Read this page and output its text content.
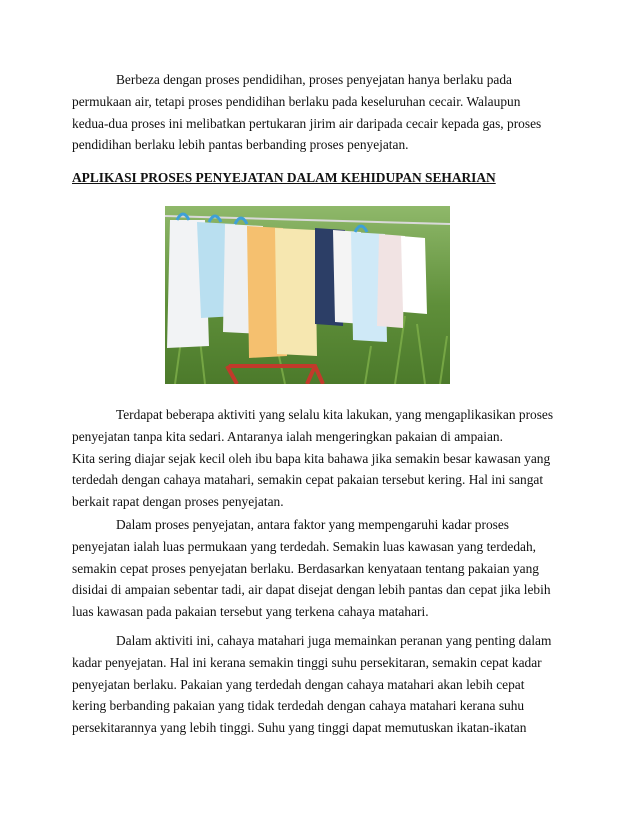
Berbeza dengan proses pendidihan, proses penyejatan hanya berlaku pada
permukaan air, tetapi proses pendidihan berlaku pada keseluruhan cecair. Walaupun
kedua-dua proses ini melibatkan pertukaran jirim air daripada cecair kepada gas, proses
pendidihan berlaku lebih pantas berbanding proses penyejatan.
APLIKASI PROSES PENYEJATAN DALAM KEHIDUPAN SEHARIAN
Terdapat beberapa aktiviti yang selalu kita lakukan, yang mengaplikasikan proses
penyejatan tanpa kita sedari. Antaranya ialah mengeringkan pakaian di ampaian.
Kita sering diajar sejak kecil oleh ibu bapa kita bahawa jika semakin besar kawasan yang
terdedah dengan cahaya matahari, semakin cepat pakaian tersebut kering. Hal ini sangat
berkait rapat dengan proses penyejatan.
Dalam proses penyejatan, antara faktor yang mempengaruhi kadar proses
penyejatan ialah luas permukaan yang terdedah. Semakin luas kawasan yang terdedah,
semakin cepat proses penyejatan berlaku. Berdasarkan kenyataan tentang pakaian yang
disidai di ampaian sebentar tadi, air dapat disejat dengan lebih pantas dan cepat jika lebih
luas kawasan pada pakaian tersebut yang terkena cahaya matahari.
Dalam aktiviti ini, cahaya matahari juga memainkan peranan yang penting dalam
kadar penyejatan. Hal ini kerana semakin tinggi suhu persekitaran, semakin cepat kadar
penyejatan berlaku. Pakaian yang terdedah dengan cahaya matahari akan lebih cepat
kering berbanding pakaian yang tidak terdedah dengan cahaya matahari kerana suhu
persekitarannya yang lebih tinggi. Suhu yang tinggi dapat memutuskan ikatan-ikatan
